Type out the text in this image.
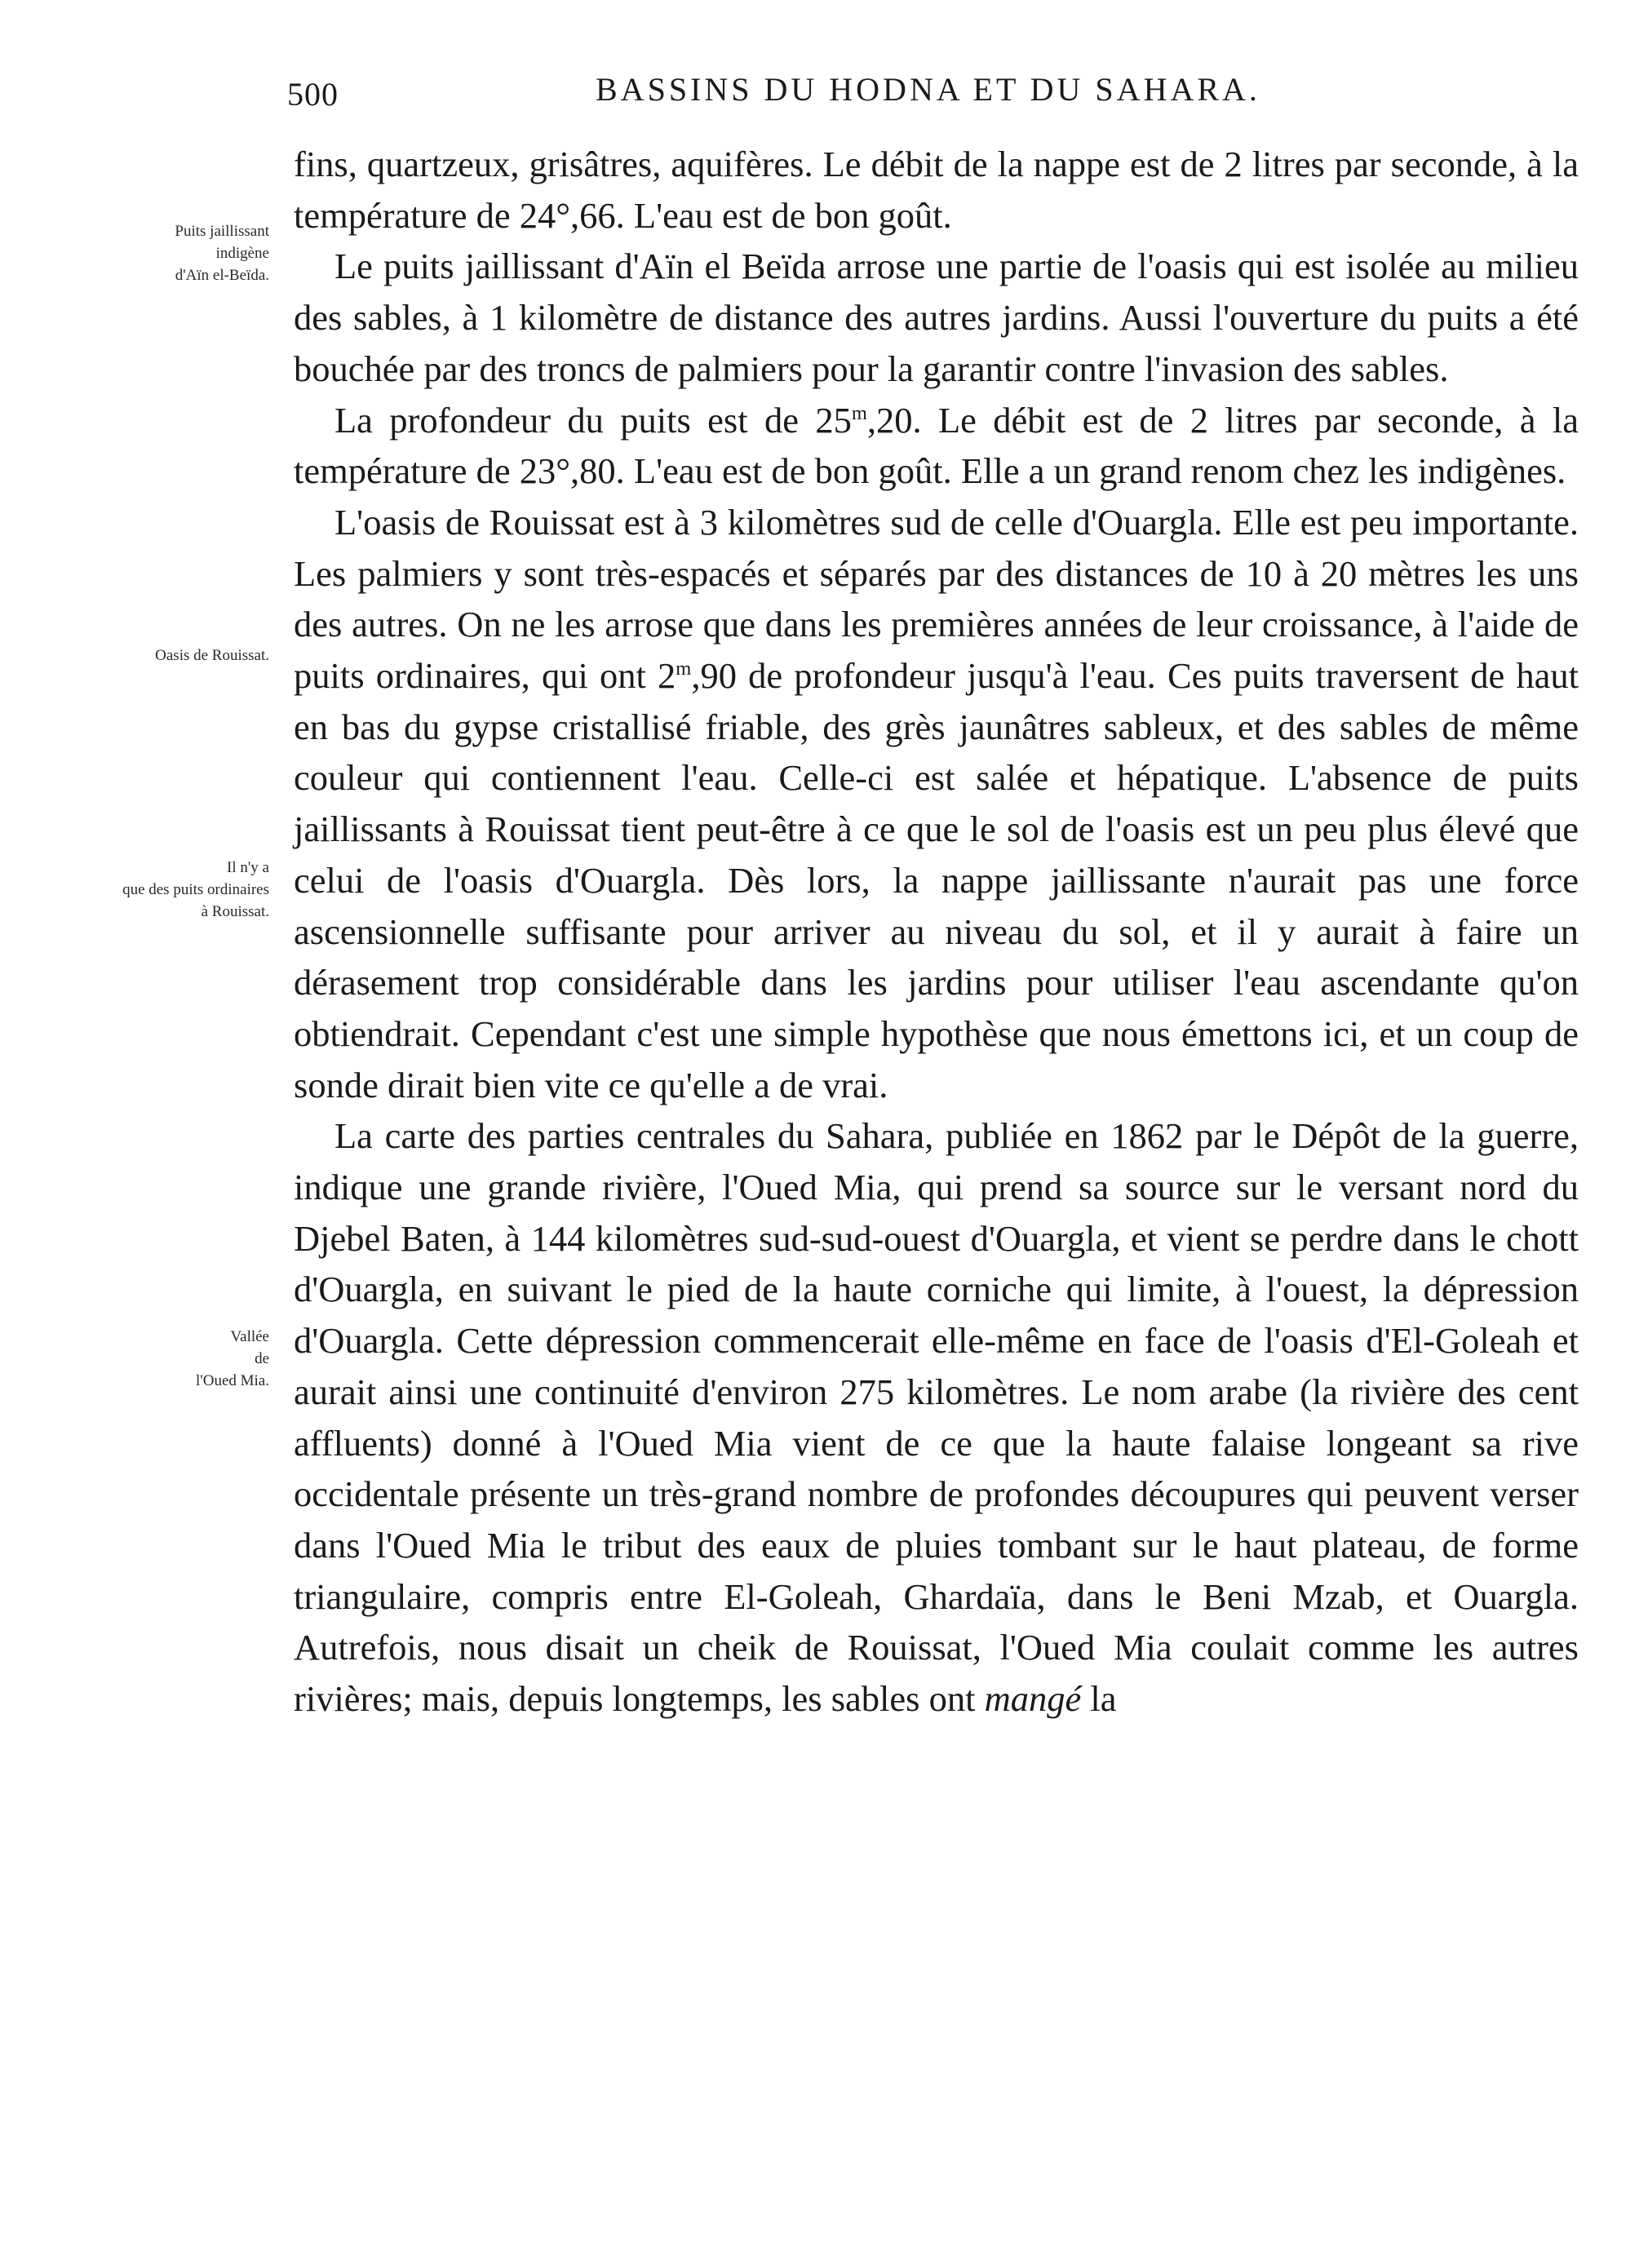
500	BASSINS DU HODNA ET DU SAHARA.
Puits jaillissant
indigène
d'Aïn el-Beïda.
Oasis de Rouissat.
Il n'y a
que des puits ordinaires
à Rouissat.
Vallée
de
l'Oued Mia.

fins, quartzeux, grisâtres, aquifères. Le débit de la nappe est de 2 litres par seconde, à la température de 24°,66. L'eau est de bon goût.

Le puits jaillissant d'Aïn el Beïda arrose une partie de l'oasis qui est isolée au milieu des sables, à 1 kilomètre de distance des autres jardins. Aussi l'ouverture du puits a été bouchée par des troncs de palmiers pour la garantir contre l'invasion des sables.

La profondeur du puits est de 25$^m$,20. Le débit est de 2 litres par seconde, à la température de 23°,80. L'eau est de bon goût. Elle a un grand renom chez les indigènes.

L'oasis de Rouissat est à 3 kilomètres sud de celle d'Ouargla. Elle est peu importante. Les palmiers y sont très-espacés et séparés par des distances de 10 à 20 mètres les uns des autres. On ne les arrose que dans les premières années de leur croissance, à l'aide de puits ordinaires, qui ont 2$^m$,90 de profondeur jusqu'à l'eau. Ces puits traversent de haut en bas du gypse cristallisé friable, des grès jaunâtres sableux, et des sables de même couleur qui contiennent l'eau. Celle-ci est salée et hépatique. L'absence de puits jaillissants à Rouissat tient peut-être à ce que le sol de l'oasis est un peu plus élevé que celui de l'oasis d'Ouargla. Dès lors, la nappe jaillissante n'aurait pas une force ascensionnelle suffisante pour arriver au niveau du sol, et il y aurait à faire un dérasement trop considérable dans les jardins pour utiliser l'eau ascendante qu'on obtiendrait. Cependant c'est une simple hypothèse que nous émettons ici, et un coup de sonde dirait bien vite ce qu'elle a de vrai.

La carte des parties centrales du Sahara, publiée en 1862 par le Dépôt de la guerre, indique une grande rivière, l'Oued Mia, qui prend sa source sur le versant nord du Djebel Baten, à 144 kilomètres sud-sud-ouest d'Ouargla, et vient se perdre dans le chott d'Ouargla, en suivant le pied de la haute corniche qui limite, à l'ouest, la dépression d'Ouargla. Cette dépression commencerait elle-même en face de l'oasis d'El-Goleah et aurait ainsi une continuité d'environ 275 kilomètres. Le nom arabe (la rivière des cent affluents) donné à l'Oued Mia vient de ce que la haute falaise longeant sa rive occidentale présente un très-grand nombre de profondes découpures qui peuvent verser dans l'Oued Mia le tribut des eaux de pluies tombant sur le haut plateau, de forme triangulaire, compris entre El-Goleah, Ghardaïa, dans le Beni Mzab, et Ouargla. Autrefois, nous disait un cheik de Rouissat, l'Oued Mia coulait comme les autres rivières; mais, depuis longtemps, les sables ont mangé la
